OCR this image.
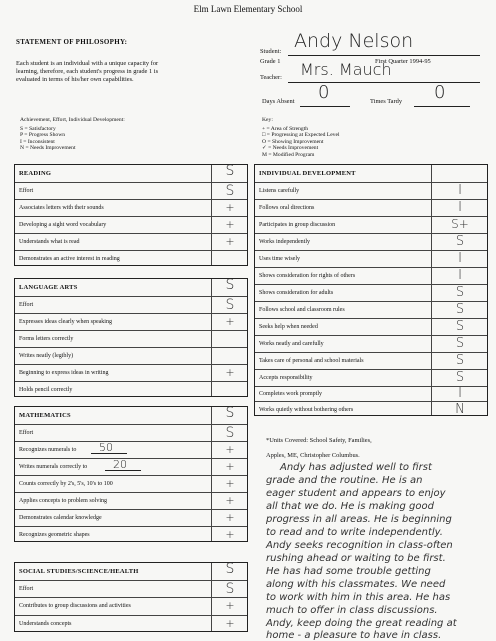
Elm Lawn Elementary School
STATEMENT OF PHILOSOPHY:
Each student is an individual with a unique capacity for
learning, therefore, each student's progress in grade 1 is
evaluated in terms of his/her own capabilities.
Student: Andy Nelson
Grade 1	First Quarter 1994-95
Teacher: Mrs. Mauch
Days Absent 0	Times Tardy 0
Achievement, Effort, Individual Development:
S = Satisfactory
P = Progress Shown
I = Inconsistent
N = Needs Improvement
Key:
+ = Area of Strength
□ = Progressing at Expected Level
O = Showing Improvement
✓ = Needs Improvement
M = Modified Program
READING	S
Effort	S
Associates letters with their sounds	+
Developing a sight word vocabulary	+
Understands what is read	+
Demonstrates an active interest in reading
LANGUAGE ARTS	S
Effort	S
Expresses ideas clearly when speaking	+
Forms letters correctly
Writes neatly (legibly)
Beginning to express ideas in writing	+
Holds pencil correctly
MATHEMATICS	S
Effort	S
Recognizes numerals to 50	+
Writes numerals correctly to 20	+
Counts correctly by 2's, 5's, 10's to 100	+
Applies concepts to problem solving	+
Demonstrates calendar knowledge	+
Recognizes geometric shapes	+
SOCIAL STUDIES/SCIENCE/HEALTH	S
Effort	S
Contributes to group discussions and activities	+
Understands concepts	+
INDIVIDUAL DEVELOPMENT
Listens carefully	I
Follows oral directions	I
Participates in group discussion	S+
Works independently	S
Uses time wisely	I
Shows consideration for rights of others	I
Shows consideration for adults	S
Follows school and classroom rules	S
Seeks help when needed	S
Works neatly and carefully	S
Takes care of personal and school materials	S
Accepts responsibility	S
Completes work promptly	I
Works quietly without bothering others	N
*Units Covered: School Safety, Families,
Apples, ME, Christopher Columbus.
Andy has adjusted well to first
grade and the routine. He is an
eager student and appears to enjoy
all that we do. He is making good
progress in all areas. He is beginning
to read and to write independently.
Andy seeks recognition in class-often
rushing ahead or waiting to be first.
He has had some trouble getting
along with his classmates. We need
to work with him in this area. He has
much to offer in class discussions.
Andy, keep doing the great reading at
home - a pleasure to have in class.
